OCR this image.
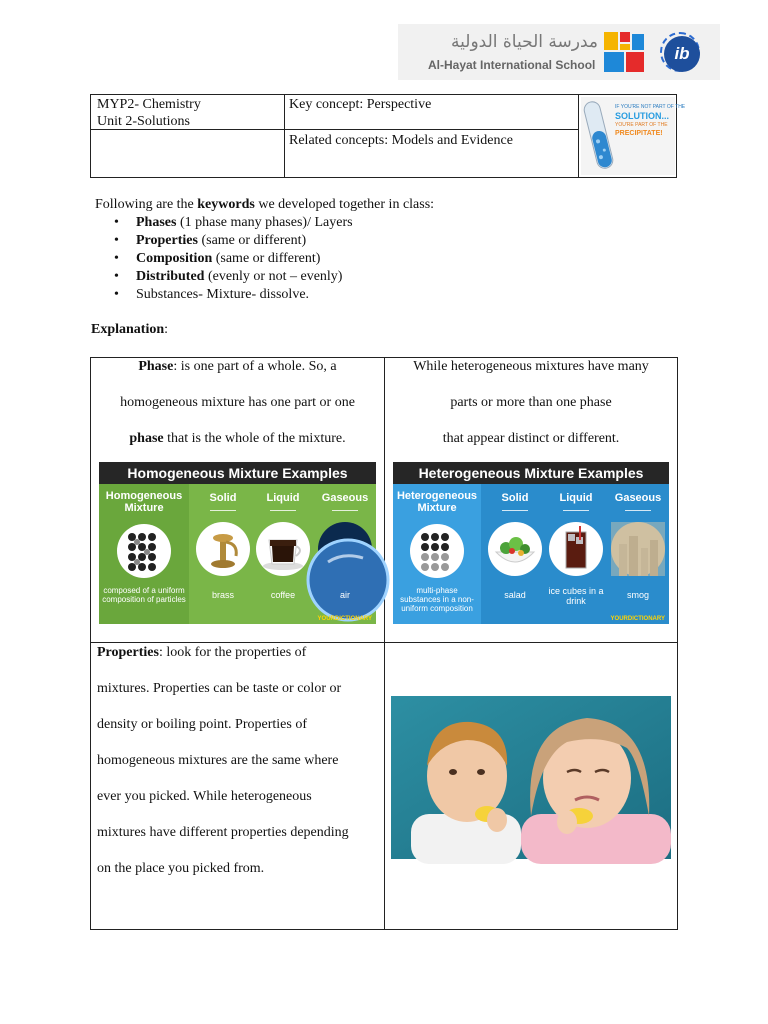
مدرسة الحياة الدولية
Al-Hayat International School
ib
MYP2- Chemistry
Unit 2-Solutions
Key concept: Perspective
Related concepts: Models and Evidence
IF YOU'RE NOT PART OF THE
SOLUTION...
YOU'RE PART OF THE
PRECIPITATE!
Following are the keywords we developed together in class:
• Phases (1 phase many phases)/ Layers
• Properties (same or different)
• Composition (same or different)
• Distributed (evenly or not – evenly)
• Substances- Mixture- dissolve.
Explanation:
Phase: is one part of a whole. So, a
homogeneous mixture has one part or one
phase that is the whole of the mixture.
While heterogeneous mixtures have many
parts or more than one phase
that appear distinct or different.
Homogeneous Mixture Examples
Homogeneous Mixture
composed of a uniform composition of particles
Solid
brass
Liquid
coffee
Gaseous
air
YOURDICTIONARY
Heterogeneous Mixture Examples
Heterogeneous Mixture
multi-phase substances in a non-uniform composition
Solid
salad
Liquid
ice cubes in a drink
Gaseous
smog
YOURDICTIONARY
Properties: look for the properties of
mixtures. Properties can be taste or color or
density or boiling point. Properties of
homogeneous mixtures are the same where
ever you picked. While heterogeneous
mixtures have different properties depending
on the place you picked from.
